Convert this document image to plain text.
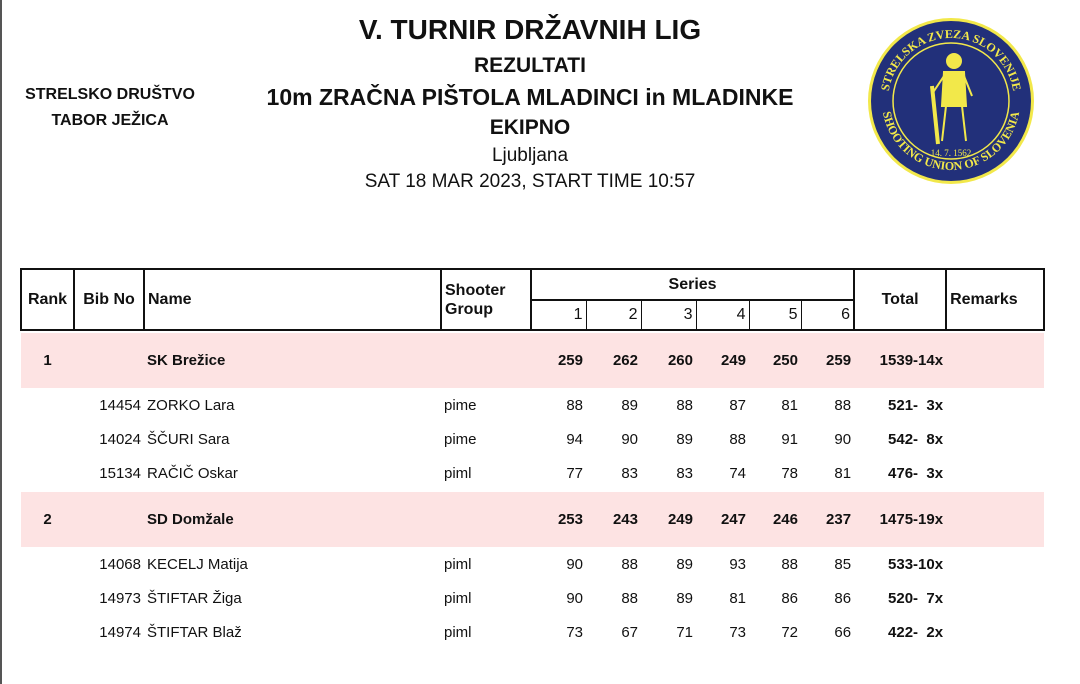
STRELSKO DRUŠTVO
TABOR JEŽICA
V. TURNIR DRŽAVNIH LIG
REZULTATI
10m ZRAČNA PIŠTOLA MLADINCI in MLADINKE
EKIPNO
Ljubljana
SAT 18 MAR 2023, START TIME 10:57
STRELSKA ZVEZA SLOVENIJE
SHOOTING UNION OF SLOVENIA
14. 7. 1562
Rank	Bib No	Name	Shooter Group	Series						Total	Remarks
				1	2	3	4	5	6		

1		SK Brežice		259	262	260	249	250	259	1539-14x	
	14454	ZORKO Lara	pime	88	89	88	87	81	88	521-  3x	
	14024	ŠČURI Sara	pime	94	90	89	88	91	90	542-  8x	
	15134	RAČIČ Oskar	piml	77	83	83	74	78	81	476-  3x	

2		SD Domžale		253	243	249	247	246	237	1475-19x	
	14068	KECELJ Matija	piml	90	88	89	93	88	85	533-10x	
	14973	ŠTIFTAR Žiga	piml	90	88	89	81	86	86	520-  7x	
	14974	ŠTIFTAR Blaž	piml	73	67	71	73	72	66	422-  2x	
